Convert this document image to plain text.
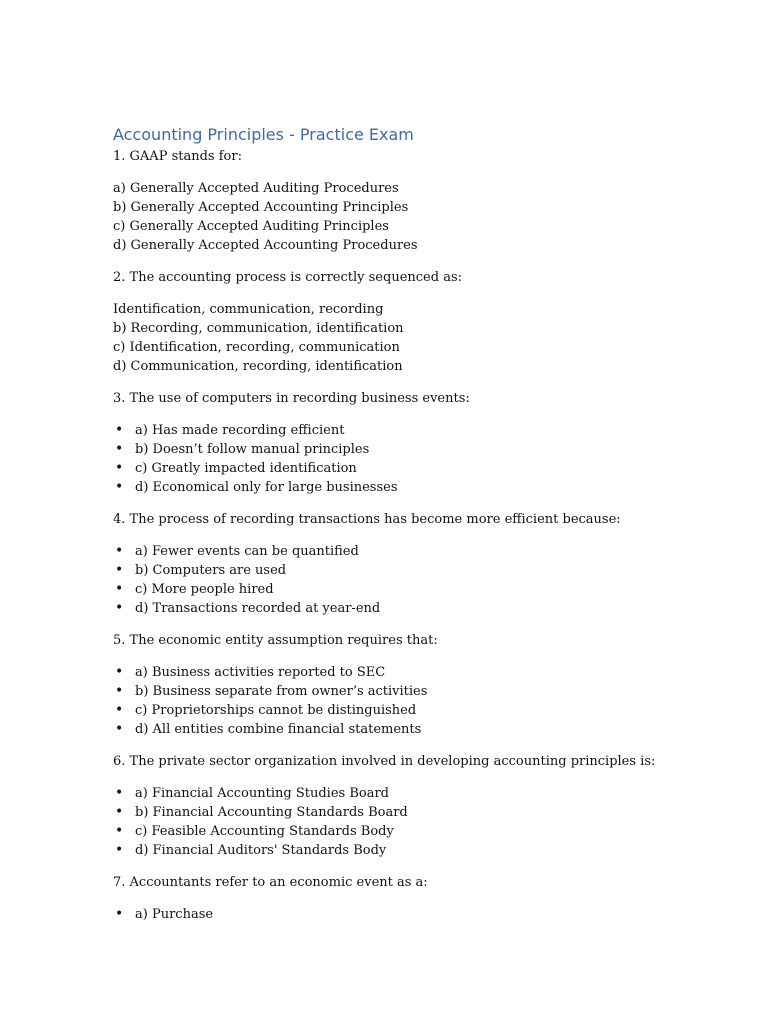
Accounting Principles - Practice Exam
1. GAAP stands for:
a) Generally Accepted Auditing Procedures
b) Generally Accepted Accounting Principles
c) Generally Accepted Auditing Principles
d) Generally Accepted Accounting Procedures
2. The accounting process is correctly sequenced as:
Identification, communication, recording
b) Recording, communication, identification
c) Identification, recording, communication
d) Communication, recording, identification
3. The use of computers in recording business events:
• a) Has made recording efficient
• b) Doesn’t follow manual principles
• c) Greatly impacted identification
• d) Economical only for large businesses
4. The process of recording transactions has become more efficient because:
• a) Fewer events can be quantified
• b) Computers are used
• c) More people hired
• d) Transactions recorded at year-end
5. The economic entity assumption requires that:
• a) Business activities reported to SEC
• b) Business separate from owner’s activities
• c) Proprietorships cannot be distinguished
• d) All entities combine financial statements
6. The private sector organization involved in developing accounting principles is:
• a) Financial Accounting Studies Board
• b) Financial Accounting Standards Board
• c) Feasible Accounting Standards Body
• d) Financial Auditors' Standards Body
7. Accountants refer to an economic event as a:
• a) Purchase
